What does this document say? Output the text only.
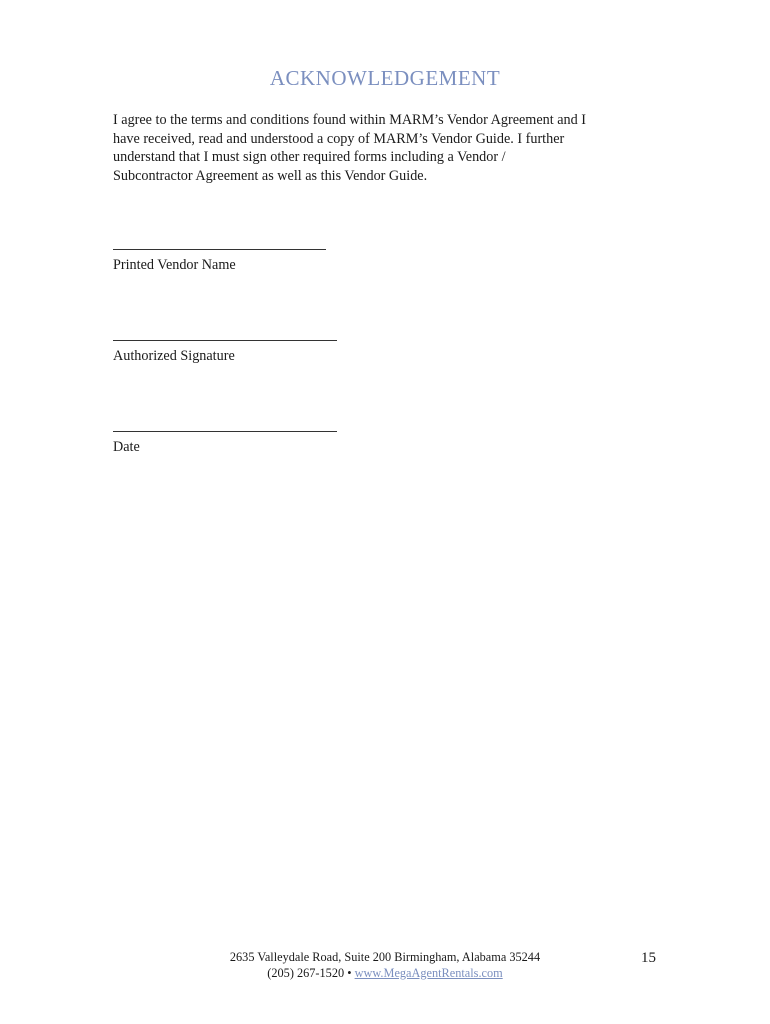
ACKNOWLEDGEMENT
I agree to the terms and conditions found within MARM’s Vendor Agreement and I
have received, read and understood a copy of MARM’s Vendor Guide. I further
understand that I must sign other required forms including a Vendor /
Subcontractor Agreement as well as this Vendor Guide.
Printed Vendor Name
Authorized Signature
Date
2635 Valleydale Road, Suite 200 Birmingham, Alabama 35244
(205) 267-1520 • www.MegaAgentRentals.com
15
